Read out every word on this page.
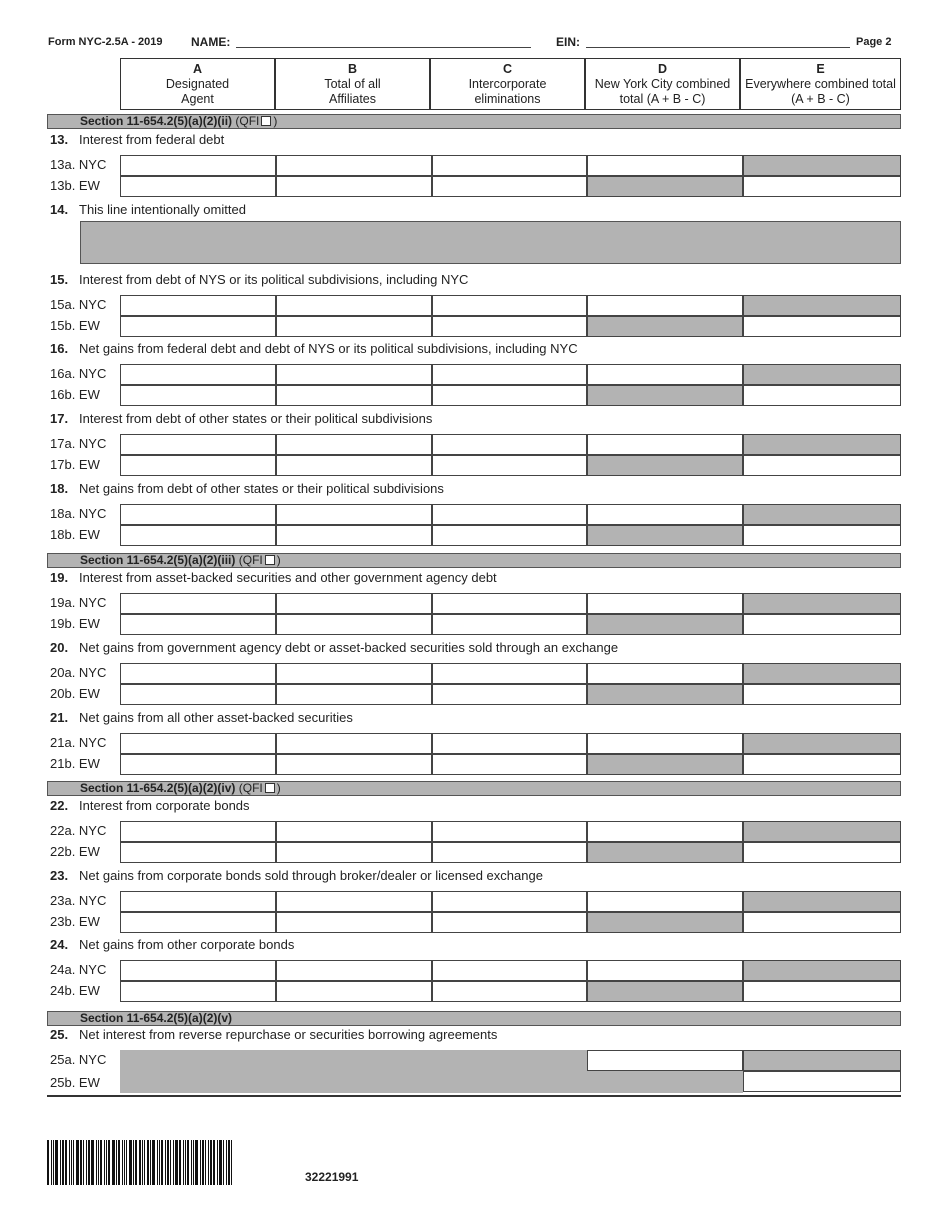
Form NYC-2.5A - 2019 NAME:	EIN:	Page 2
A
Designated
Agent
B
Total of all
Affiliates
C
Intercorporate
eliminations
D
New York City combined
total (A + B - C)
E
Everywhere combined total
(A + B - C)
Section 11-654.2(5)(a)(2)(ii) (QFI )
14. This line intentionally omitted
Section 11-654.2(5)(a)(2)(iii) (QFI )
Section 11-654.2(5)(a)(2)(iv) (QFI )
Section 11-654.2(5)(a)(2)(v)
25. Net interest from reverse repurchase or securities borrowing agreements
25a. NYC
25b. EW
13. Interest from federal debt
13a. NYC
13b. EW
15. Interest from debt of NYS or its political subdivisions, including NYC
15a. NYC
15b. EW
16. Net gains from federal debt and debt of NYS or its political subdivisions, including NYC
16a. NYC
16b. EW
17. Interest from debt of other states or their political subdivisions
17a. NYC
17b. EW
18. Net gains from debt of other states or their political subdivisions
18a. NYC
18b. EW
19. Interest from asset-backed securities and other government agency debt
19a. NYC
19b. EW
20. Net gains from government agency debt or asset-backed securities sold through an exchange
20a. NYC
20b. EW
21. Net gains from all other asset-backed securities
21a. NYC
21b. EW
22. Interest from corporate bonds
22a. NYC
22b. EW
23. Net gains from corporate bonds sold through broker/dealer or licensed exchange
23a. NYC
23b. EW
24. Net gains from other corporate bonds
24a. NYC
24b. EW
32221991
